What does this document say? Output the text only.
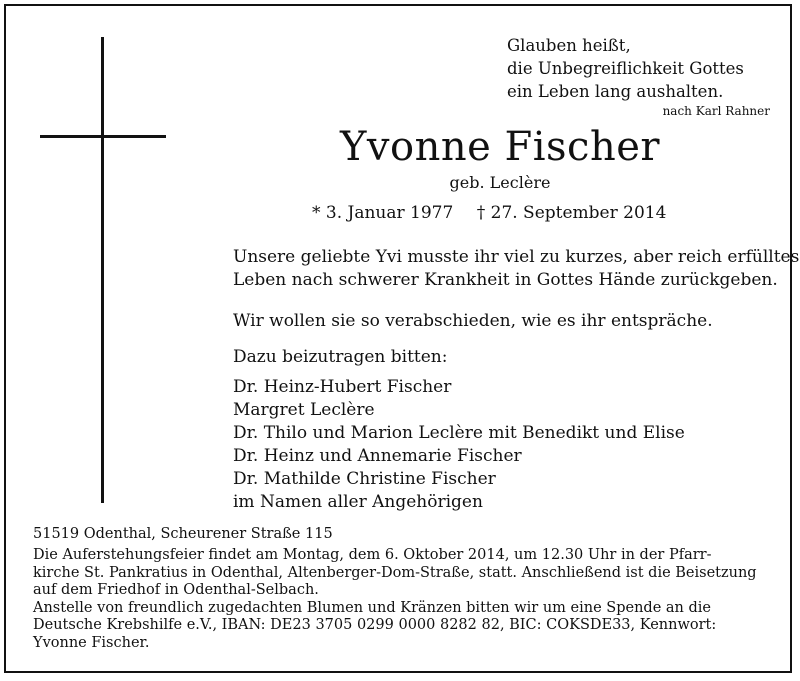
Glauben heißt,
die Unbegreiflichkeit Gottes
ein Leben lang aushalten.
nach Karl Rahner
Yvonne Fischer
geb. Leclère
* 3. Januar 1977 † 27. September 2014
Unsere geliebte Yvi musste ihr viel zu kurzes, aber reich erfülltes
Leben nach schwerer Krankheit in Gottes Hände zurückgeben.
Wir wollen sie so verabschieden, wie es ihr entspräche.
Dazu beizutragen bitten:
Dr. Heinz-Hubert Fischer
Margret Leclère
Dr. Thilo und Marion Leclère mit Benedikt und Elise
Dr. Heinz und Annemarie Fischer
Dr. Mathilde Christine Fischer
im Namen aller Angehörigen
51519 Odenthal, Scheurener Straße 115
Die Auferstehungsfeier findet am Montag, dem 6. Oktober 2014, um 12.30 Uhr in der Pfarr-
kirche St. Pankratius in Odenthal, Altenberger-Dom-Straße, statt. Anschließend ist die Beisetzung
auf dem Friedhof in Odenthal-Selbach.
Anstelle von freundlich zugedachten Blumen und Kränzen bitten wir um eine Spende an die
Deutsche Krebshilfe e.V., IBAN: DE23 3705 0299 0000 8282 82, BIC: COKSDE33, Kennwort:
Yvonne Fischer.
